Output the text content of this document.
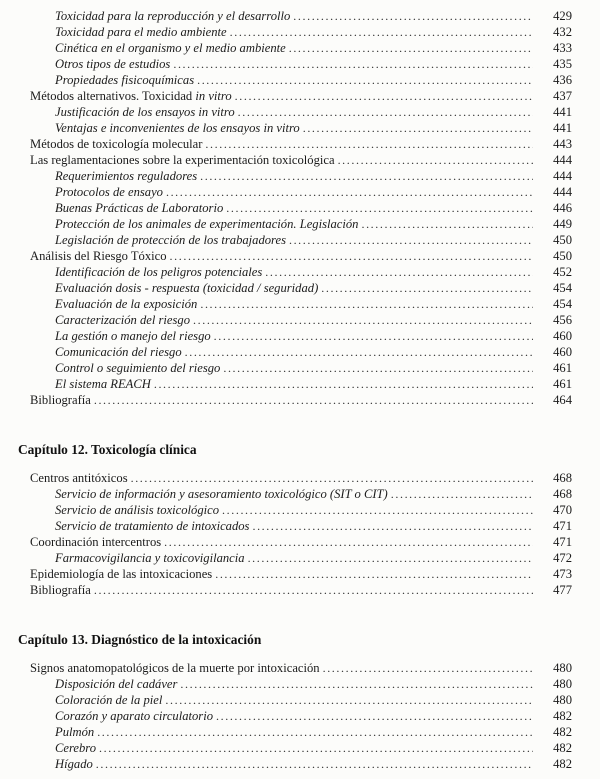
Toxicidad para la reproducción y el desarrollo .....	429
Toxicidad para el medio ambiente .....	432
Cinética en el organismo y el medio ambiente .....	433
Otros tipos de estudios .....	435
Propiedades fisicoquímicas .....	436
Métodos alternativos. Toxicidad in vitro .....	437
Justificación de los ensayos in vitro .....	441
Ventajas e inconvenientes de los ensayos in vitro .....	441
Métodos de toxicología molecular .....	443
Las reglamentaciones sobre la experimentación toxicológica .....	444
Requerimientos reguladores .....	444
Protocolos de ensayo .....	444
Buenas Prácticas de Laboratorio .....	446
Protección de los animales de experimentación. Legislación .....	449
Legislación de protección de los trabajadores .....	450
Análisis del Riesgo Tóxico .....	450
Identificación de los peligros potenciales .....	452
Evaluación dosis - respuesta (toxicidad / seguridad) .....	454
Evaluación de la exposición .....	454
Caracterización del riesgo .....	456
La gestión o manejo del riesgo .....	460
Comunicación del riesgo .....	460
Control o seguimiento del riesgo .....	461
El sistema REACH .....	461
Bibliografía .....	464
Capítulo 12. Toxicología clínica
Centros antitóxicos .....	468
Servicio de información y asesoramiento toxicológico (SIT o CIT) .....	468
Servicio de análisis toxicológico .....	470
Servicio de tratamiento de intoxicados .....	471
Coordinación intercentros .....	471
Farmacovigilancia y toxicovigilancia .....	472
Epidemiología de las intoxicaciones .....	473
Bibliografía .....	477
Capítulo 13. Diagnóstico de la intoxicación
Signos anatomopatológicos de la muerte por intoxicación .....	480
Disposición del cadáver .....	480
Coloración de la piel .....	480
Corazón y aparato circulatorio .....	482
Pulmón .....	482
Cerebro .....	482
Hígado .....	482
